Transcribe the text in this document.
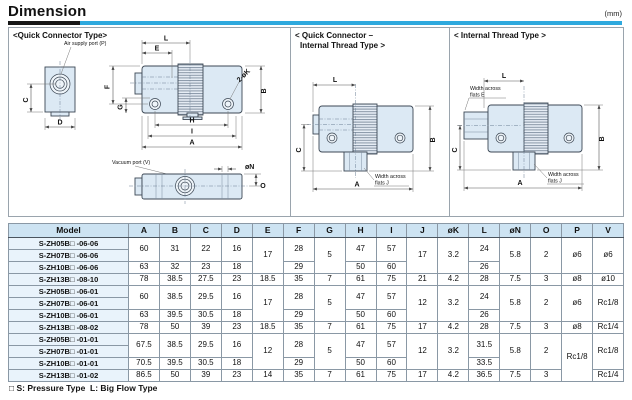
Dimension	(mm)
<Quick Connector Type>
C
D
Air supply port (P)
L
E
F
G
B
2-øK
H
I
A
Vacuum port (V)
øN
O
< Quick Connector –
Internal Thread Type >
L
C
B
A
Width across
flats J
< Internal Thread Type >
L
Width across
flats E
C
B
A
Width across
flats J
Model	A	B	C	D	E	F	G	H	I	J	øK	L	øN	O	P	V
S-ZH05B□ -06-06	60	31	22	16	17	28	5	47	57	17	3.2	24	5.8	2	ø6	ø6
S-ZH07B□ -06-06																
S-ZH10B□ -06-06	63	32	23	18		29		50	60			26				
S-ZH13B□ -08-10	78	38.5	27.5	23	18.5	35	7	61	75	21	4.2	28	7.5	3	ø8	ø10
S-ZH05B□ -06-01	60	38.5	29.5	16	17	28	5	47	57	12	3.2	24	5.8	2	ø6	Rc1/8
S-ZH07B□ -06-01																
S-ZH10B□ -06-01	63	39.5	30.5	18		29		50	60			26				
S-ZH13B□ -08-02	78	50	39	23	18.5	35	7	61	75	17	4.2	28	7.5	3	ø8	Rc1/4
S-ZH05B□ -01-01	67.5	38.5	29.5	16	12	28	5	47	57	12	3.2	31.5	5.8	2	Rc1/8	Rc1/8
S-ZH07B□ -01-01																
S-ZH10B□ -01-01	70.5	39.5	30.5	18		29		50	60			33.5				
S-ZH13B□ -01-02	86.5	50	39	23	14	35	7	61	75	17	4.2	36.5	7.5	3		Rc1/4
□ S: Pressure Type  L: Big Flow Type
